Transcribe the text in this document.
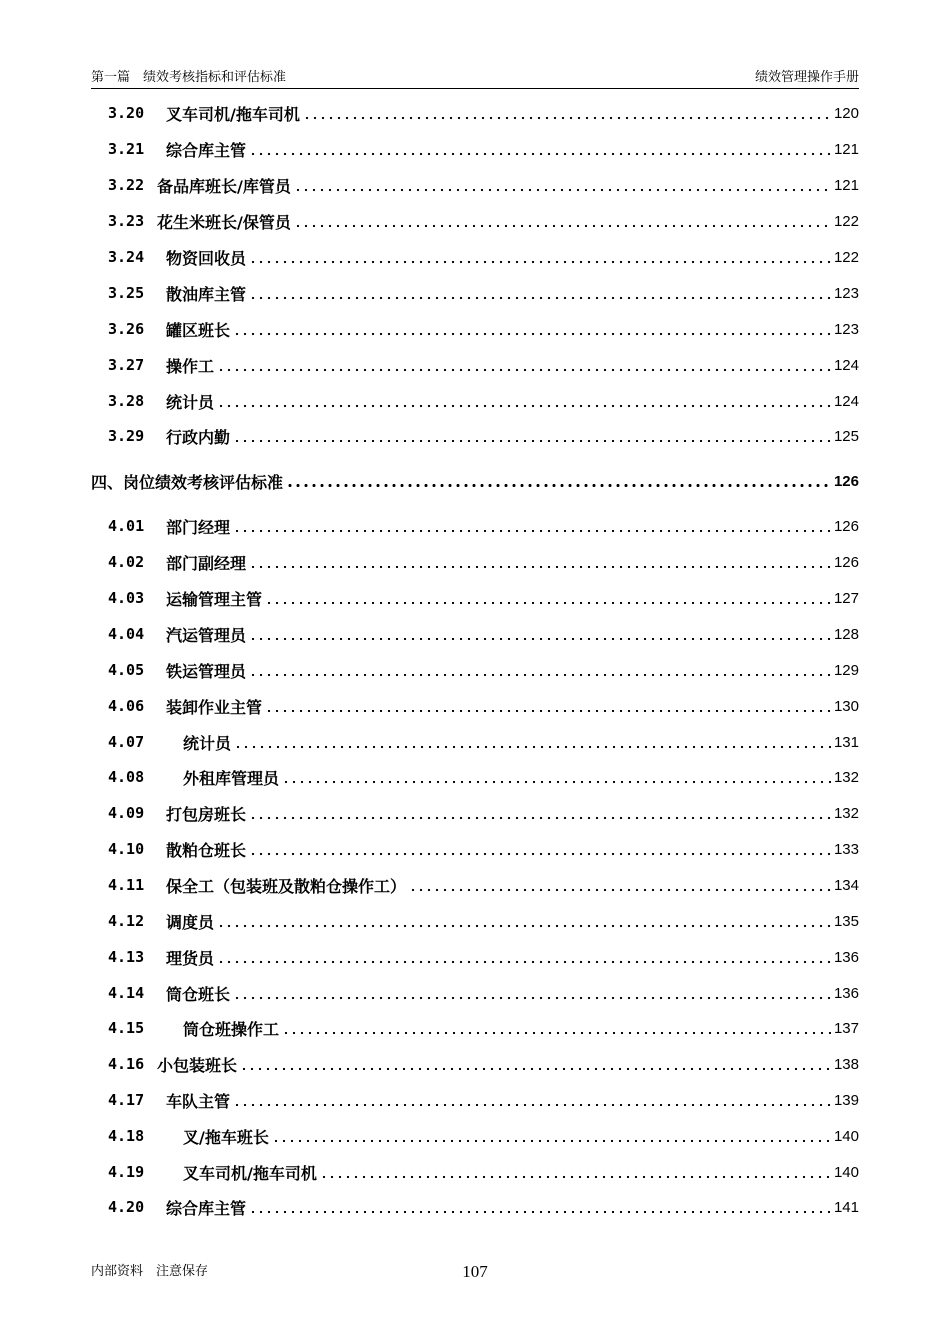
第一篇　绩效考核指标和评估标准	绩效管理操作手册
3.20	叉车司机/拖车司机	120
3.21	综合库主管	121
3.22 备品库班长/库管员	121
3.23 花生米班长/保管员	122
3.24	物资回收员	122
3.25	散油库主管	123
3.26	罐区班长	123
3.27	操作工	124
3.28	统计员	124
3.29	行政内勤	125
四、岗位绩效考核评估标准	126
4.01	部门经理	126
4.02	部门副经理	126
4.03	运输管理主管	127
4.04	汽运管理员	128
4.05	铁运管理员	129
4.06	装卸作业主管	130
4.07	统计员	131
4.08	外租库管理员	132
4.09	打包房班长	132
4.10	散粕仓班长	133
4.11	保全工（包装班及散粕仓操作工）	134
4.12	调度员	135
4.13	理货员	136
4.14	筒仓班长	136
4.15	筒仓班操作工	137
4.16 小包装班长	138
4.17	车队主管	139
4.18	叉/拖车班长	140
4.19	叉车司机/拖车司机	140
4.20	综合库主管	141
内部资料　注意保存	107
